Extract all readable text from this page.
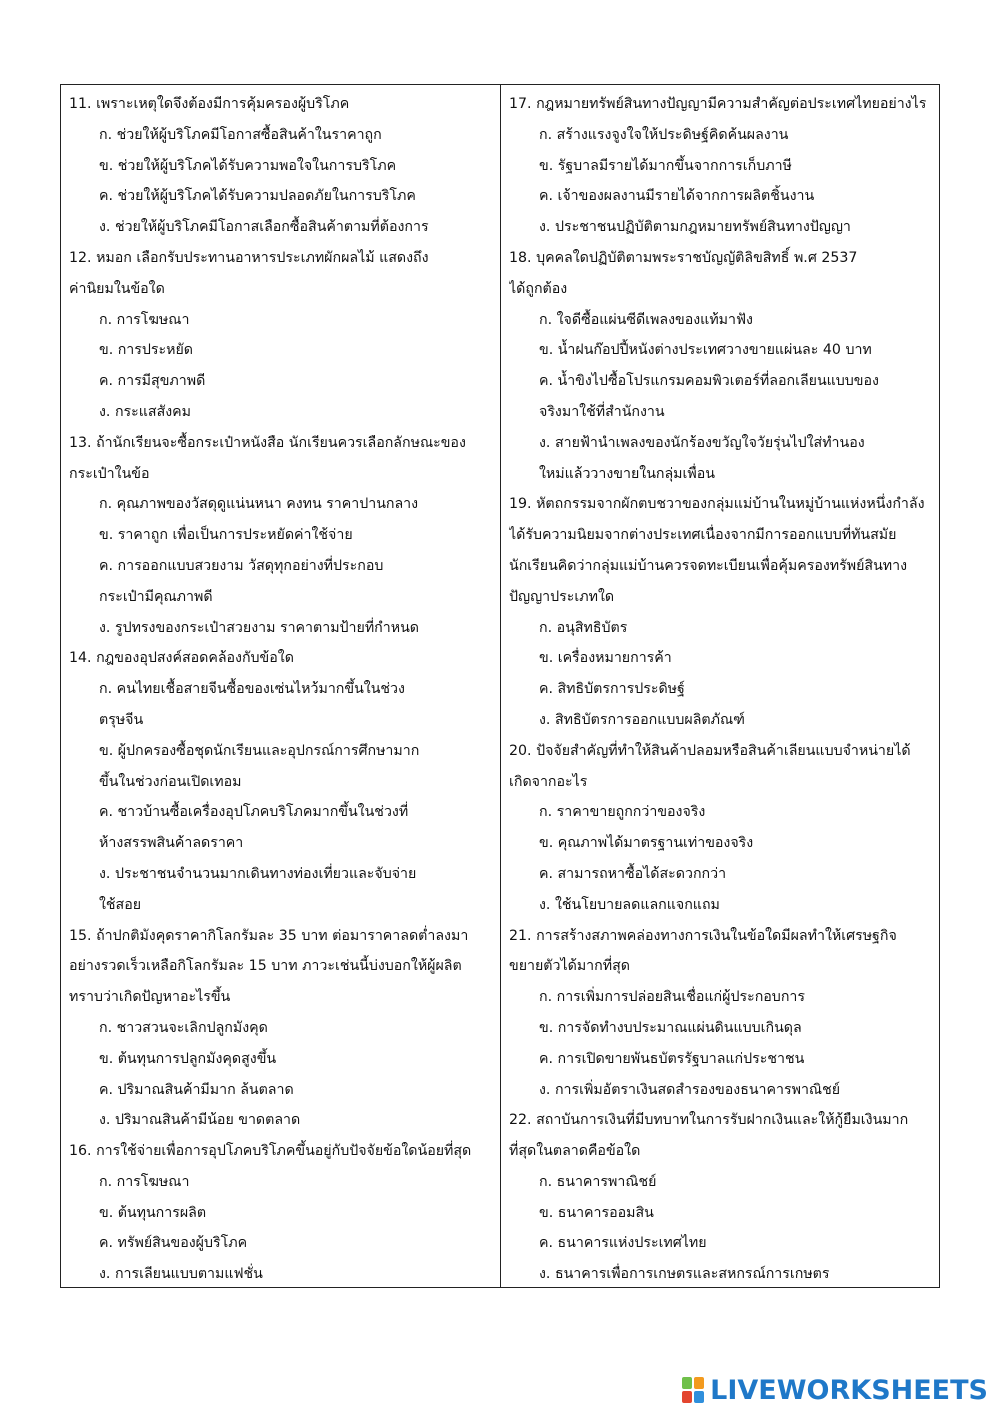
11. เพราะเหตุใดจึงต้องมีการคุ้มครองผู้บริโภค
ก. ช่วยให้ผู้บริโภคมีโอกาสซื้อสินค้าในราคาถูก
ข. ช่วยให้ผู้บริโภคได้รับความพอใจในการบริโภค
ค. ช่วยให้ผู้บริโภคได้รับความปลอดภัยในการบริโภค
ง. ช่วยให้ผู้บริโภคมีโอกาสเลือกซื้อสินค้าตามที่ต้องการ
12. หมอก เลือกรับประทานอาหารประเภทผักผลไม้ แสดงถึง
ค่านิยมในข้อใด
ก. การโฆษณา
ข. การประหยัด
ค. การมีสุขภาพดี
ง. กระแสสังคม
13. ถ้านักเรียนจะซื้อกระเป๋าหนังสือ นักเรียนควรเลือกลักษณะของ
กระเป๋าในข้อ
ก. คุณภาพของวัสดุดูแน่นหนา คงทน ราคาปานกลาง
ข. ราคาถูก เพื่อเป็นการประหยัดค่าใช้จ่าย
ค. การออกแบบสวยงาม วัสดุทุกอย่างที่ประกอบ
กระเป๋ามีคุณภาพดี
ง. รูปทรงของกระเป๋าสวยงาม ราคาตามป้ายที่กำหนด
14. กฎของอุปสงค์สอดคล้องกับข้อใด
ก. คนไทยเชื้อสายจีนซื้อของเซ่นไหว้มากขึ้นในช่วง
ตรุษจีน
ข. ผู้ปกครองซื้อชุดนักเรียนและอุปกรณ์การศึกษามาก
ขึ้นในช่วงก่อนเปิดเทอม
ค. ชาวบ้านซื้อเครื่องอุปโภคบริโภคมากขึ้นในช่วงที่
ห้างสรรพสินค้าลดราคา
ง. ประชาชนจำนวนมากเดินทางท่องเที่ยวและจับจ่าย
ใช้สอย
15. ถ้าปกติมังคุดราคากิโลกรัมละ 35 บาท ต่อมาราคาลดต่ำลงมา
อย่างรวดเร็วเหลือกิโลกรัมละ 15 บาท ภาวะเช่นนี้บ่งบอกให้ผู้ผลิต
ทราบว่าเกิดปัญหาอะไรขึ้น
ก. ชาวสวนจะเลิกปลูกมังคุด
ข. ต้นทุนการปลูกมังคุดสูงขึ้น
ค. ปริมาณสินค้ามีมาก ล้นตลาด
ง. ปริมาณสินค้ามีน้อย ขาดตลาด
16. การใช้จ่ายเพื่อการอุปโภคบริโภคขึ้นอยู่กับปัจจัยข้อใดน้อยที่สุด
ก. การโฆษณา
ข. ต้นทุนการผลิต
ค. ทรัพย์สินของผู้บริโภค
ง. การเลียนแบบตามแฟชั่น
17. กฎหมายทรัพย์สินทางปัญญามีความสำคัญต่อประเทศไทยอย่างไร
ก. สร้างแรงจูงใจให้ประดิษฐ์คิดค้นผลงาน
ข. รัฐบาลมีรายได้มากขึ้นจากการเก็บภาษี
ค. เจ้าของผลงานมีรายได้จากการผลิตชิ้นงาน
ง. ประชาชนปฏิบัติตามกฎหมายทรัพย์สินทางปัญญา
18. บุคคลใดปฏิบัติตามพระราชบัญญัติลิขสิทธิ์ พ.ศ 2537
ได้ถูกต้อง
ก. ใจดีซื้อแผ่นซีดีเพลงของแท้มาฟัง
ข. น้ำฝนก๊อปปี้หนังต่างประเทศวางขายแผ่นละ 40 บาท
ค. น้ำขิงไปซื้อโปรแกรมคอมพิวเตอร์ที่ลอกเลียนแบบของ
จริงมาใช้ที่สำนักงาน
ง. สายฟ้านำเพลงของนักร้องขวัญใจวัยรุ่นไปใส่ทำนอง
ใหม่แล้ววางขายในกลุ่มเพื่อน
19. หัตถกรรมจากผักตบชวาของกลุ่มแม่บ้านในหมู่บ้านแห่งหนึ่งกำลัง
ได้รับความนิยมจากต่างประเทศเนื่องจากมีการออกแบบที่ทันสมัย
นักเรียนคิดว่ากลุ่มแม่บ้านควรจดทะเบียนเพื่อคุ้มครองทรัพย์สินทาง
ปัญญาประเภทใด
ก. อนุสิทธิบัตร
ข. เครื่องหมายการค้า
ค. สิทธิบัตรการประดิษฐ์
ง. สิทธิบัตรการออกแบบผลิตภัณฑ์
20. ปัจจัยสำคัญที่ทำให้สินค้าปลอมหรือสินค้าเลียนแบบจำหน่ายได้
เกิดจากอะไร
ก. ราคาขายถูกกว่าของจริง
ข. คุณภาพได้มาตรฐานเท่าของจริง
ค. สามารถหาซื้อได้สะดวกกว่า
ง. ใช้นโยบายลดแลกแจกแถม
21. การสร้างสภาพคล่องทางการเงินในข้อใดมีผลทำให้เศรษฐกิจ
ขยายตัวได้มากที่สุด
ก. การเพิ่มการปล่อยสินเชื่อแก่ผู้ประกอบการ
ข. การจัดทำงบประมาณแผ่นดินแบบเกินดุล
ค. การเปิดขายพันธบัตรรัฐบาลแก่ประชาชน
ง. การเพิ่มอัตราเงินสดสำรองของธนาคารพาณิชย์
22. สถาบันการเงินที่มีบทบาทในการรับฝากเงินและให้กู้ยืมเงินมาก
ที่สุดในตลาดคือข้อใด
ก. ธนาคารพาณิชย์
ข. ธนาคารออมสิน
ค. ธนาคารแห่งประเทศไทย
ง. ธนาคารเพื่อการเกษตรและสหกรณ์การเกษตร
LIVEWORKSHEETS
